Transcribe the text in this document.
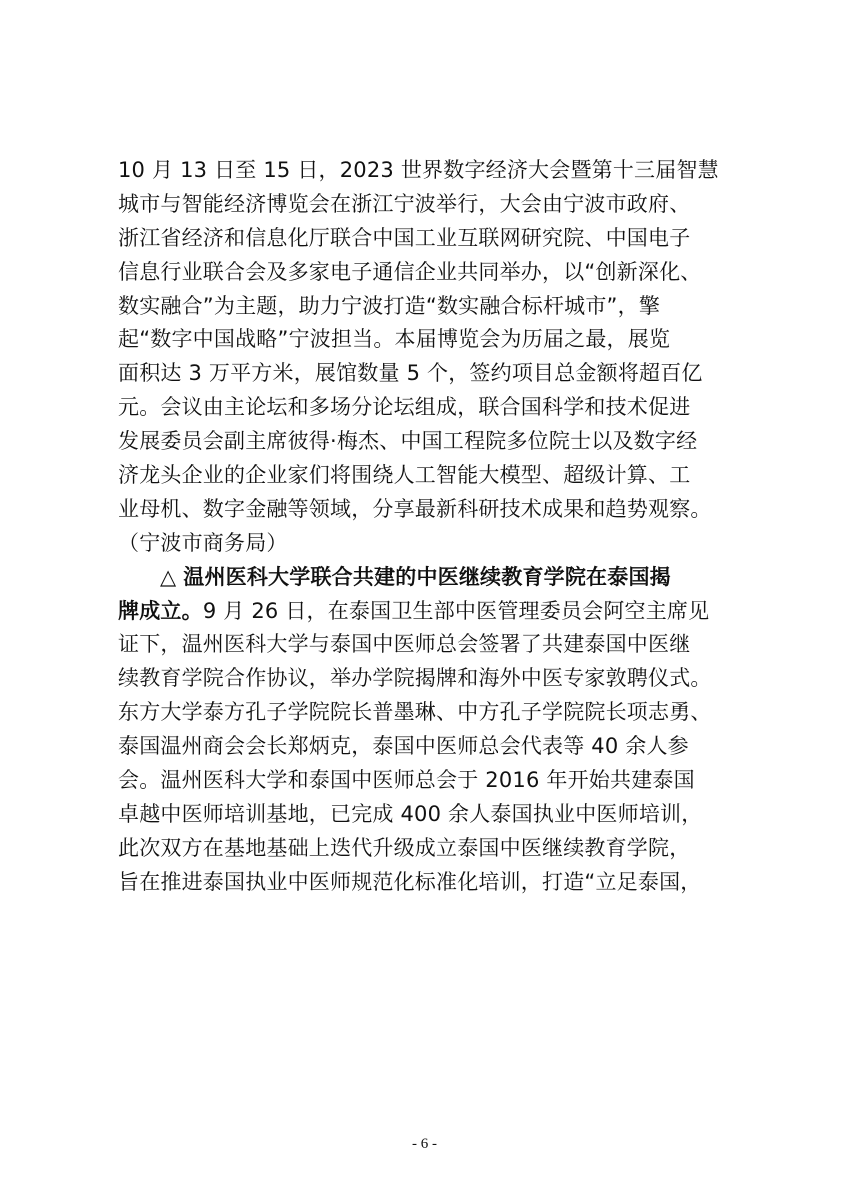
10 月 13 日至 15 日，2023 世界数字经济大会暨第十三届智慧
城市与智能经济博览会在浙江宁波举行，大会由宁波市政府、
浙江省经济和信息化厅联合中国工业互联网研究院、中国电子
信息行业联合会及多家电子通信企业共同举办，以“创新深化、
数实融合”为主题，助力宁波打造“数实融合标杆城市”，擎
起“数字中国战略”宁波担当。本届博览会为历届之最，展览
面积达 3 万平方米，展馆数量 5 个，签约项目总金额将超百亿
元。会议由主论坛和多场分论坛组成，联合国科学和技术促进
发展委员会副主席彼得·梅杰、中国工程院多位院士以及数字经
济龙头企业的企业家们将围绕人工智能大模型、超级计算、工
业母机、数字金融等领域，分享最新科研技术成果和趋势观察。
（宁波市商务局）
△ 温州医科大学联合共建的中医继续教育学院在泰国揭
牌成立。9 月 26 日，在泰国卫生部中医管理委员会阿空主席见
证下，温州医科大学与泰国中医师总会签署了共建泰国中医继
续教育学院合作协议，举办学院揭牌和海外中医专家敦聘仪式。
东方大学泰方孔子学院院长普墨琳、中方孔子学院院长项志勇、
泰国温州商会会长郑炳克，泰国中医师总会代表等 40 余人参
会。温州医科大学和泰国中医师总会于 2016 年开始共建泰国
卓越中医师培训基地，已完成 400 余人泰国执业中医师培训，
此次双方在基地基础上迭代升级成立泰国中医继续教育学院，
旨在推进泰国执业中医师规范化标准化培训，打造“立足泰国，
- 6 -
